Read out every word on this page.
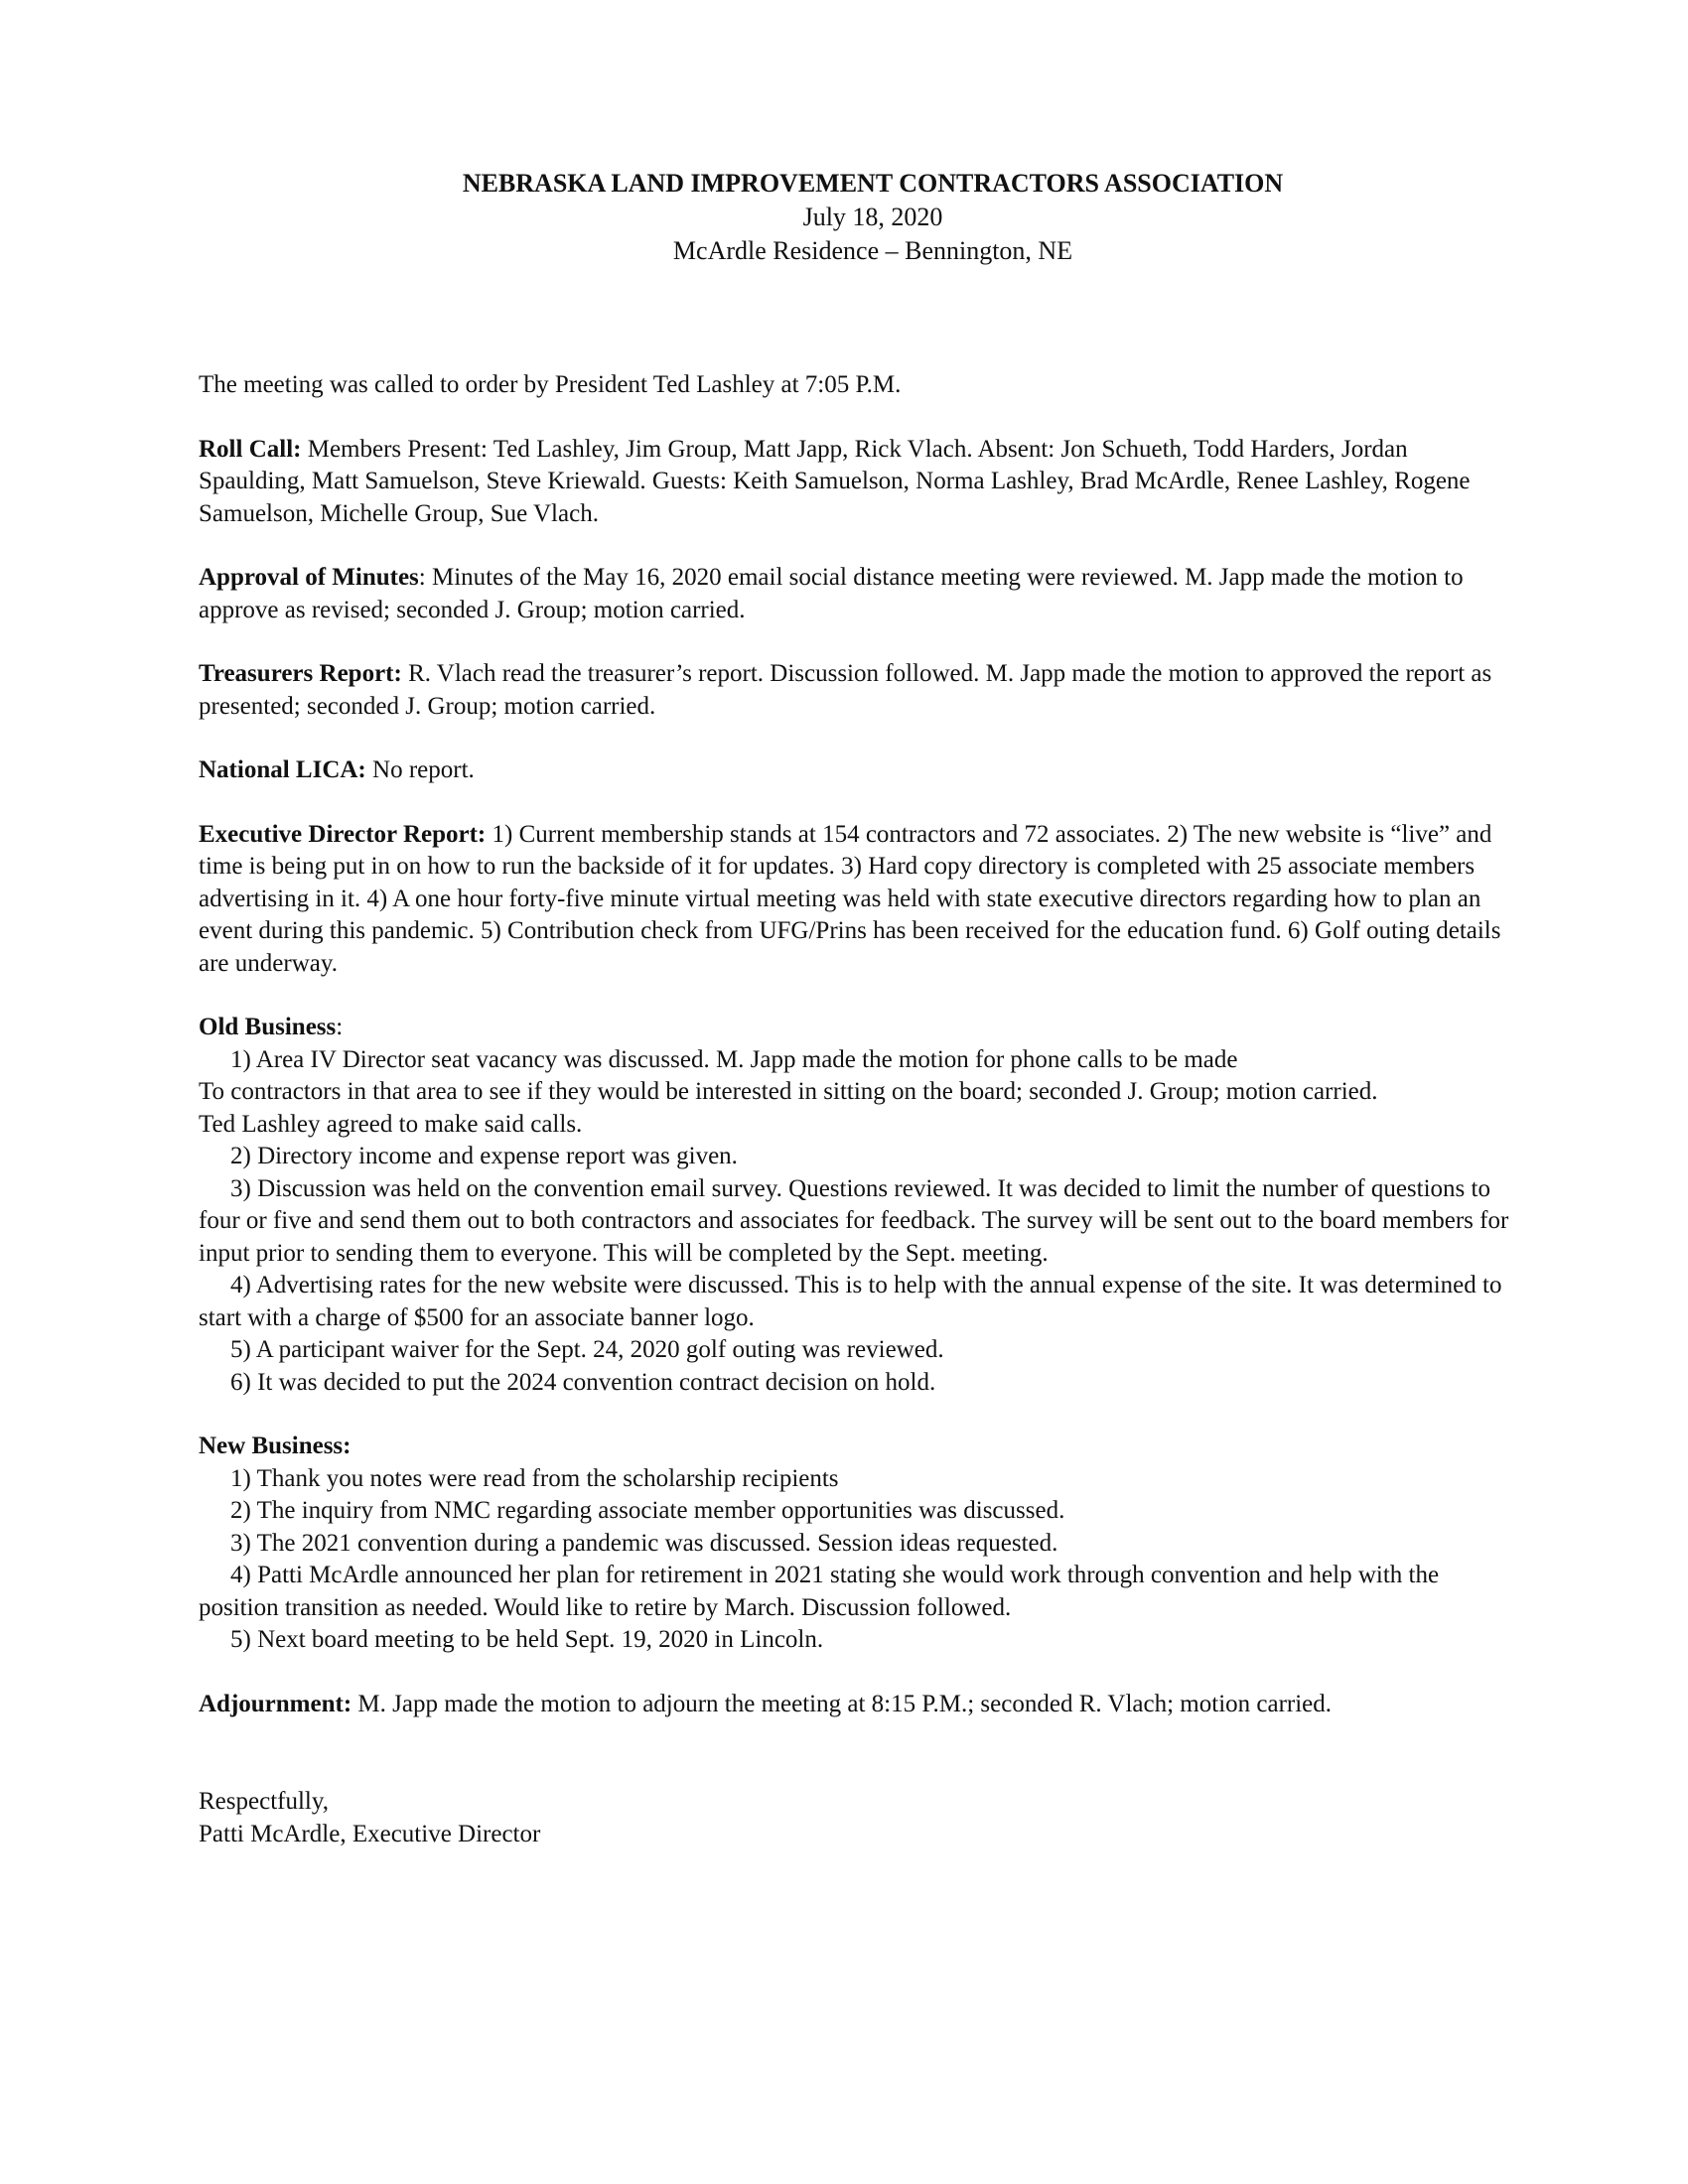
NEBRASKA LAND IMPROVEMENT CONTRACTORS ASSOCIATION
July 18, 2020
McArdle Residence – Bennington, NE

The meeting was called to order by President Ted Lashley at 7:05 P.M.

Roll Call: Members Present: Ted Lashley, Jim Group, Matt Japp, Rick Vlach. Absent: Jon Schueth, Todd Harders, Jordan Spaulding, Matt Samuelson, Steve Kriewald. Guests: Keith Samuelson, Norma Lashley, Brad McArdle, Renee Lashley, Rogene Samuelson, Michelle Group, Sue Vlach.

Approval of Minutes: Minutes of the May 16, 2020 email social distance meeting were reviewed. M. Japp made the motion to approve as revised; seconded J. Group; motion carried.

Treasurers Report: R. Vlach read the treasurer’s report. Discussion followed. M. Japp made the motion to approved the report as presented; seconded J. Group; motion carried.

National LICA: No report.

Executive Director Report: 1) Current membership stands at 154 contractors and 72 associates. 2) The new website is “live” and time is being put in on how to run the backside of it for updates. 3) Hard copy directory is completed with 25 associate members advertising in it. 4) A one hour forty-five minute virtual meeting was held with state executive directors regarding how to plan an event during this pandemic. 5) Contribution check from UFG/Prins has been received for the education fund. 6) Golf outing details are underway.

Old Business:

1) Area IV Director seat vacancy was discussed. M. Japp made the motion for phone calls to be made

To contractors in that area to see if they would be interested in sitting on the board; seconded J. Group; motion carried.

Ted Lashley agreed to make said calls.

2) Directory income and expense report was given.

3) Discussion was held on the convention email survey. Questions reviewed. It was decided to limit the number of questions to four or five and send them out to both contractors and associates for feedback. The survey will be sent out to the board members for input prior to sending them to everyone. This will be completed by the Sept. meeting.

4) Advertising rates for the new website were discussed. This is to help with the annual expense of the site. It was determined to start with a charge of $500 for an associate banner logo.

5) A participant waiver for the Sept. 24, 2020 golf outing was reviewed.

6) It was decided to put the 2024 convention contract decision on hold.

New Business:

1) Thank you notes were read from the scholarship recipients

2) The inquiry from NMC regarding associate member opportunities was discussed.

3) The 2021 convention during a pandemic was discussed. Session ideas requested.

4) Patti McArdle announced her plan for retirement in 2021 stating she would work through convention and help with the position transition as needed. Would like to retire by March. Discussion followed.

5) Next board meeting to be held Sept. 19, 2020 in Lincoln.

Adjournment: M. Japp made the motion to adjourn the meeting at 8:15 P.M.; seconded R. Vlach; motion carried.

Respectfully,

Patti McArdle, Executive Director
